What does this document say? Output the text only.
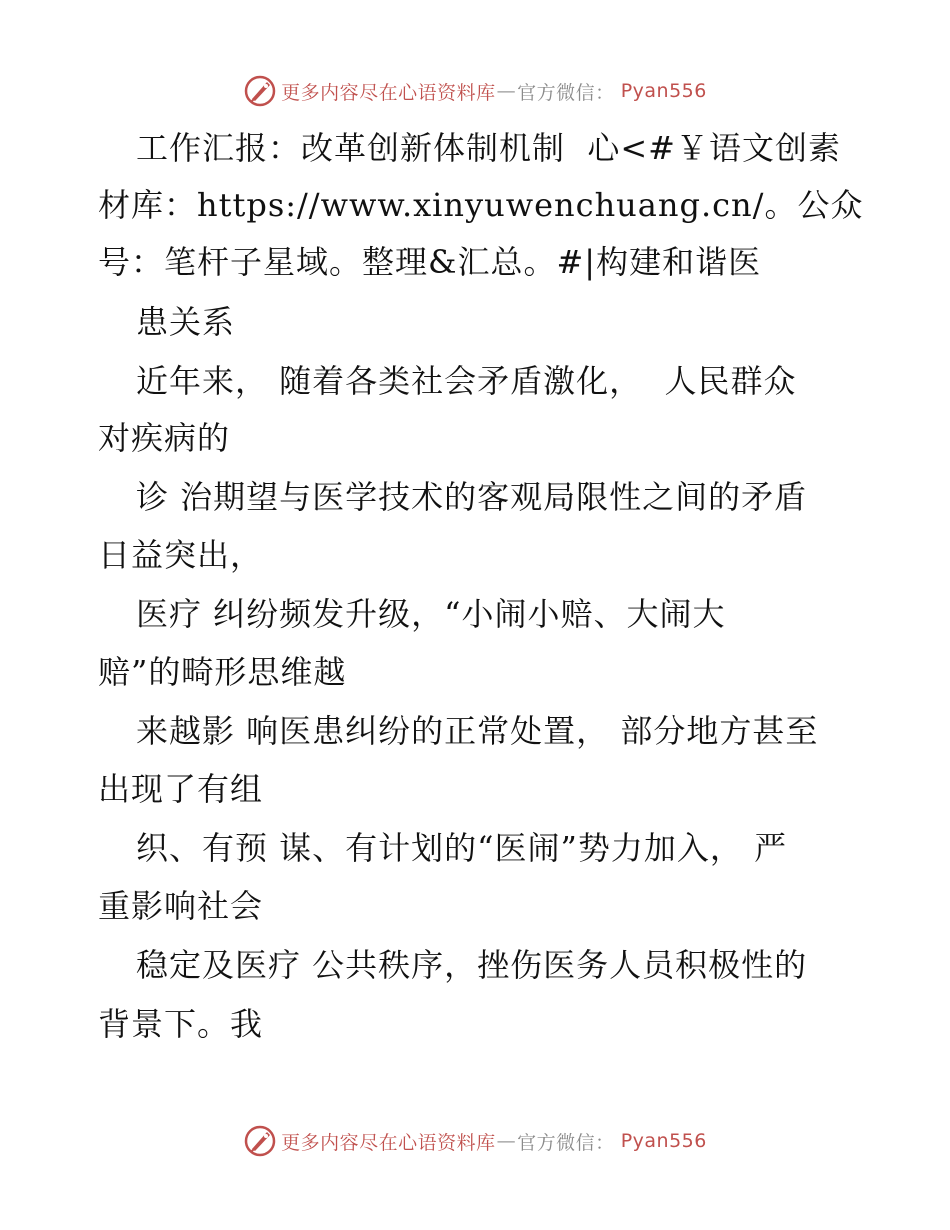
更多内容尽在心语资料库 — 官方微信： Pyan556
工作汇报：改革创新体制机制  心<#￥语文创素
材库：https://www.xinyuwenchuang.cn/。公众
号：笔杆子星域。整理&汇总。#|构建和谐医
患关系
近年来， 随着各类社会矛盾激化，  人民群众
对疾病的
诊 治期望与医学技术的客观局限性之间的矛盾
日益突出，
医疗 纠纷频发升级，“小闹小赔、大闹大
赔”的畸形思维越
来越影 响医患纠纷的正常处置， 部分地方甚至
出现了有组
织、有预 谋、有计划的“医闹”势力加入， 严
重影响社会
稳定及医疗 公共秩序，挫伤医务人员积极性的
背景下。我
更多内容尽在心语资料库 — 官方微信： Pyan556
